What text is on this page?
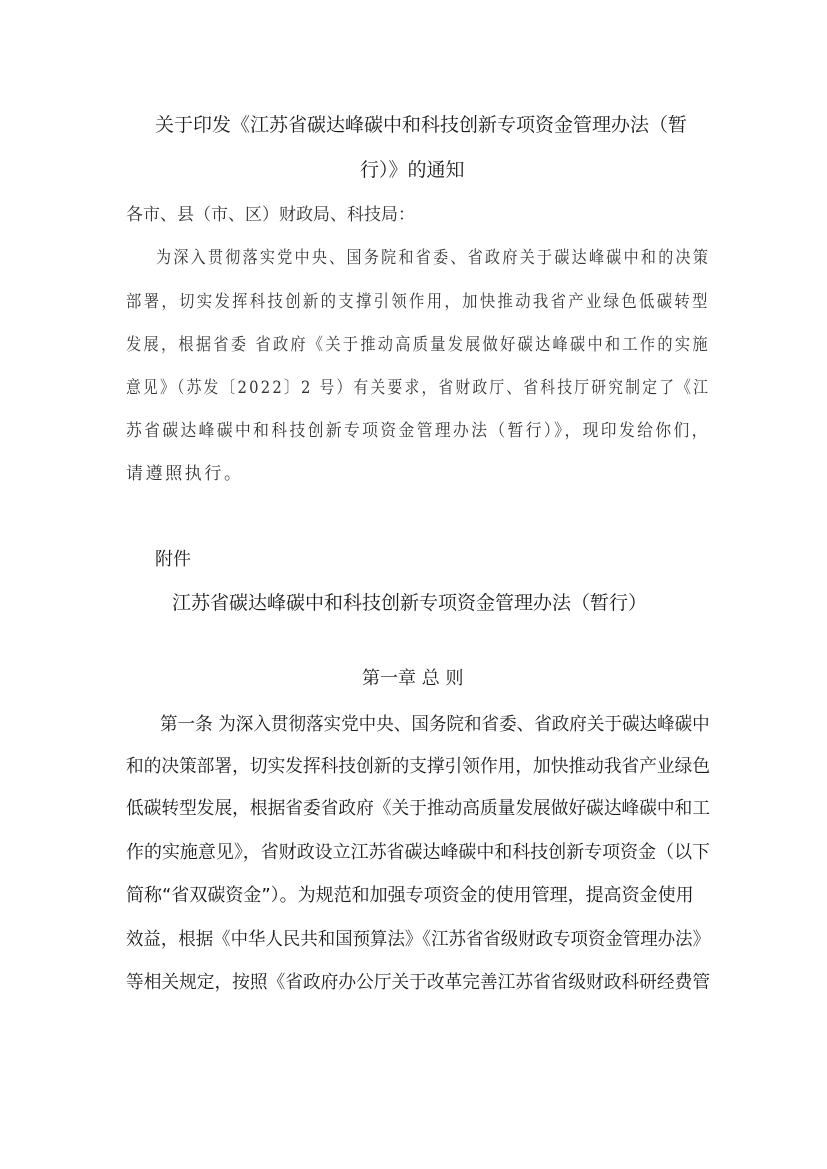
关于印发《江苏省碳达峰碳中和科技创新专项资金管理办法（暂
行）》的通知
各市、县（市、区）财政局、科技局：
为深入贯彻落实党中央、国务院和省委、省政府关于碳达峰碳中和的决策
部署，切实发挥科技创新的支撑引领作用，加快推动我省产业绿色低碳转型
发展，根据省委 省政府《关于推动高质量发展做好碳达峰碳中和工作的实施
意见》（苏发〔2022〕2 号）有关要求，省财政厅、省科技厅研究制定了《江
苏省碳达峰碳中和科技创新专项资金管理办法（暂行）》，现印发给你们，
请遵照执行。
附件
江苏省碳达峰碳中和科技创新专项资金管理办法（暂行）
第一章 总 则
第一条 为深入贯彻落实党中央、国务院和省委、省政府关于碳达峰碳中
和的决策部署，切实发挥科技创新的支撑引领作用，加快推动我省产业绿色
低碳转型发展，根据省委省政府《关于推动高质量发展做好碳达峰碳中和工
作的实施意见》，省财政设立江苏省碳达峰碳中和科技创新专项资金（以下
简称“省双碳资金”）。为规范和加强专项资金的使用管理，提高资金使用
效益，根据《中华人民共和国预算法》《江苏省省级财政专项资金管理办法》
等相关规定，按照《省政府办公厅关于改革完善江苏省省级财政科研经费管
